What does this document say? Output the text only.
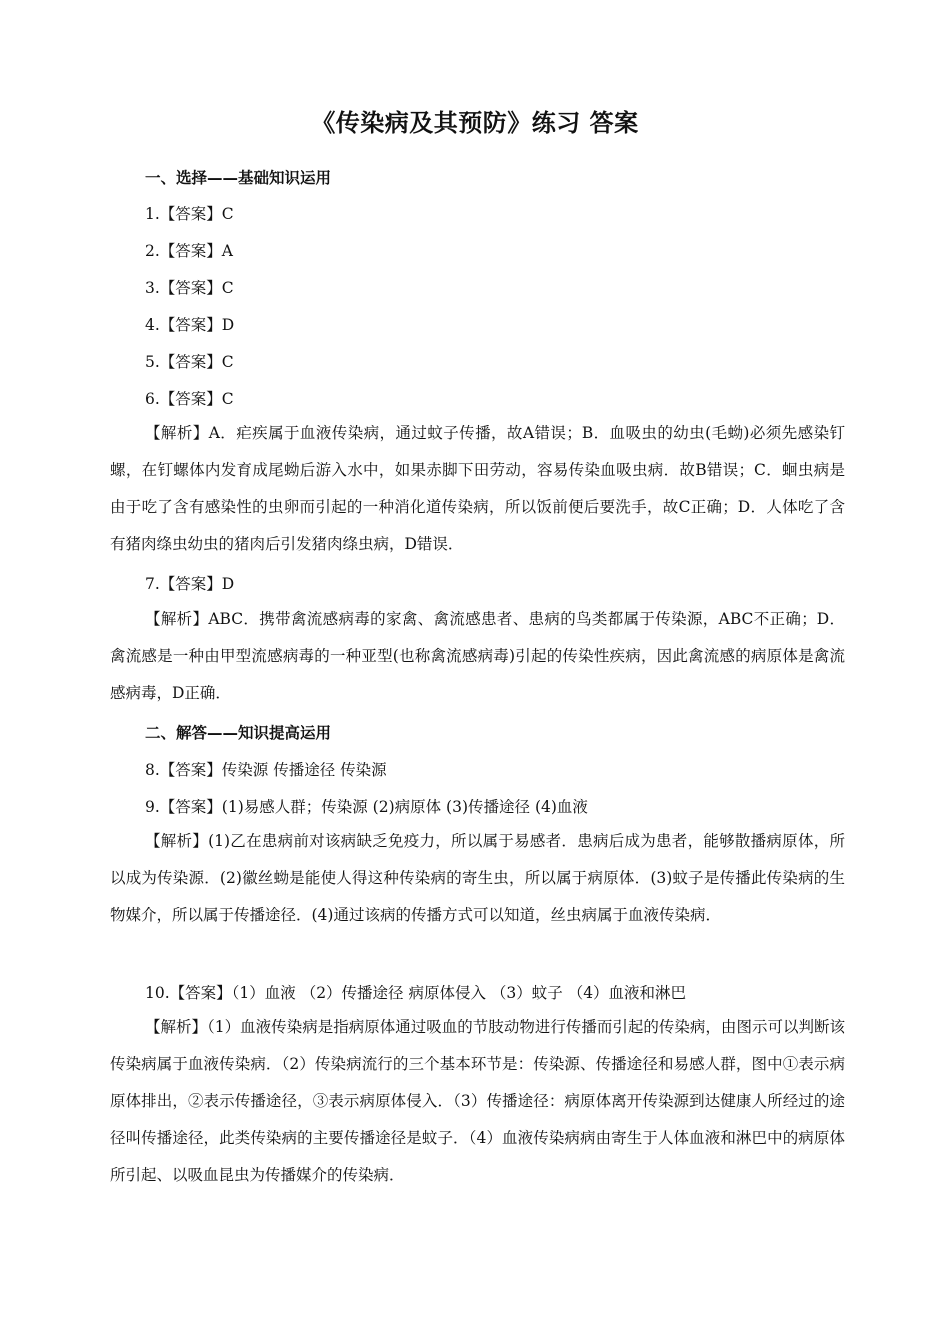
《传染病及其预防》练习 答案
一、选择——基础知识运用
1.【答案】C
2.【答案】A
3.【答案】C
4.【答案】D
5.【答案】C
6.【答案】C
【解析】A．疟疾属于血液传染病，通过蚊子传播，故A错误；B．血吸虫的幼虫(毛蚴)必须先感染钉螺，在钉螺体内发育成尾蚴后游入水中，如果赤脚下田劳动，容易传染血吸虫病．故B错误；C．蛔虫病是由于吃了含有感染性的虫卵而引起的一种消化道传染病，所以饭前便后要洗手，故C正确；D．人体吃了含有猪肉绦虫幼虫的猪肉后引发猪肉绦虫病，D错误．
7.【答案】D
【解析】ABC．携带禽流感病毒的家禽、禽流感患者、患病的鸟类都属于传染源，ABC不正确；D．禽流感是一种由甲型流感病毒的一种亚型(也称禽流感病毒)引起的传染性疾病，因此禽流感的病原体是禽流感病毒，D正确．
二、解答——知识提高运用
8.【答案】传染源 传播途径 传染源
9.【答案】(1)易感人群；传染源 (2)病原体 (3)传播途径 (4)血液
【解析】(1)乙在患病前对该病缺乏免疫力，所以属于易感者．患病后成为患者，能够散播病原体，所以成为传染源．(2)徽丝蚴是能使人得这种传染病的寄生虫，所以属于病原体．(3)蚊子是传播此传染病的生物媒介，所以属于传播途径．(4)通过该病的传播方式可以知道，丝虫病属于血液传染病．
10.【答案】（1）血液 （2）传播途径 病原体侵入 （3）蚊子 （4）血液和淋巴
【解析】（1）血液传染病是指病原体通过吸血的节肢动物进行传播而引起的传染病，由图示可以判断该传染病属于血液传染病．（2）传染病流行的三个基本环节是：传染源、传播途径和易感人群，图中①表示病原体排出，②表示传播途径，③表示病原体侵入．（3）传播途径：病原体离开传染源到达健康人所经过的途径叫传播途径，此类传染病的主要传播途径是蚊子．（4）血液传染病病由寄生于人体血液和淋巴中的病原体所引起、以吸血昆虫为传播媒介的传染病．
